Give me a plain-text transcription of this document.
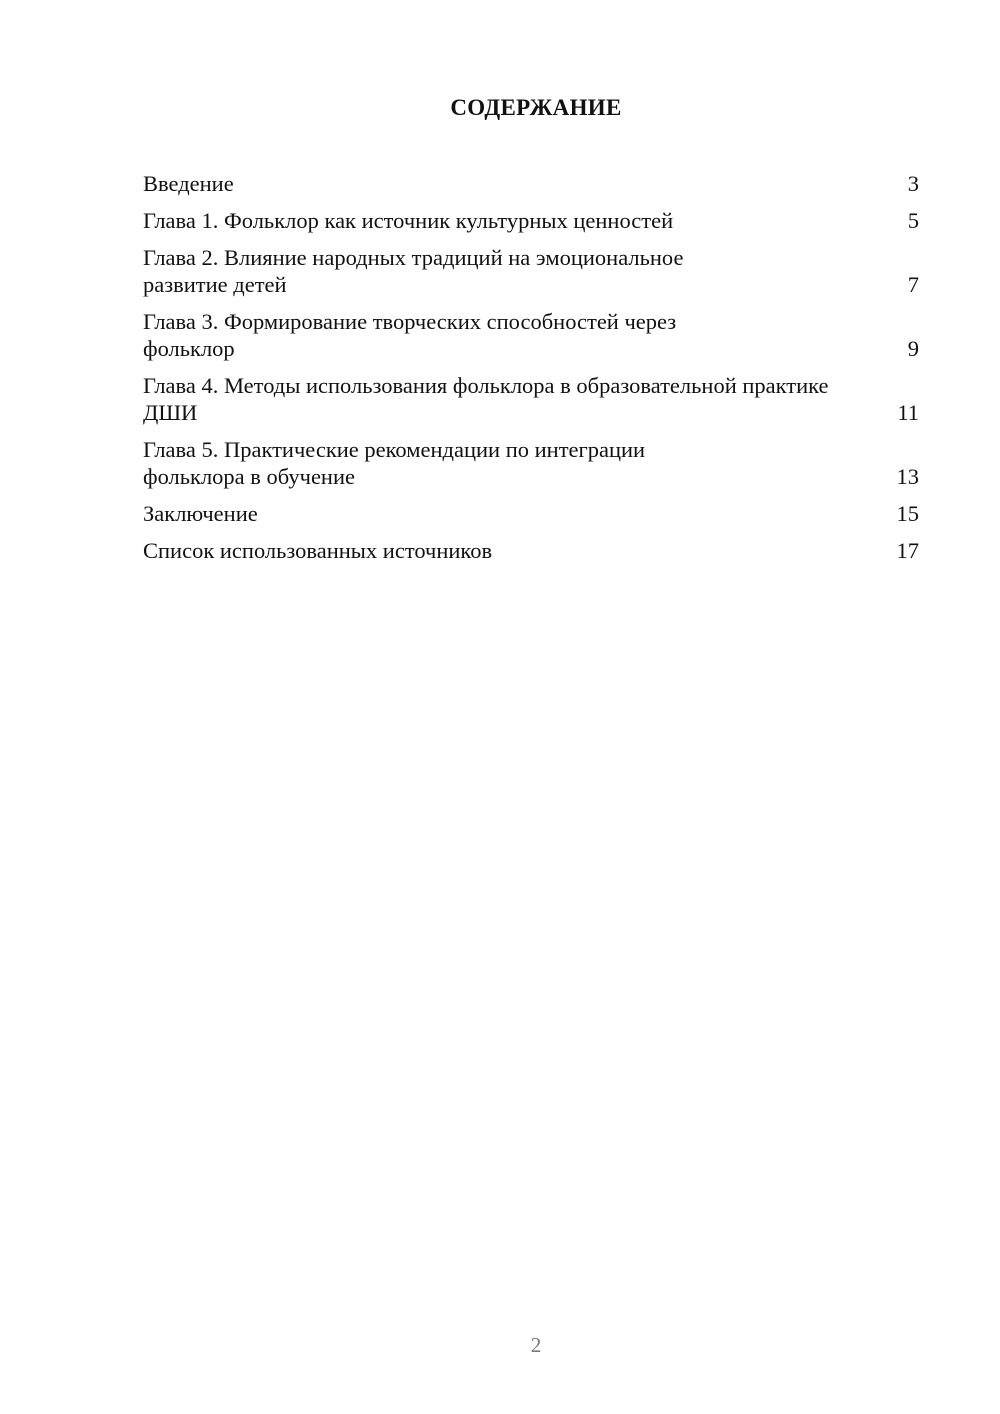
СОДЕРЖАНИЕ
Введение	3
Глава 1. Фольклор как источник культурных ценностей	5
Глава 2. Влияние народных традиций на эмоциональное развитие детей	7
Глава 3. Формирование творческих способностей через фольклор	9
Глава 4. Методы использования фольклора в образовательной практике ДШИ	11
Глава 5. Практические рекомендации по интеграции фольклора в обучение	13
Заключение	15
Список использованных источников	17
2
